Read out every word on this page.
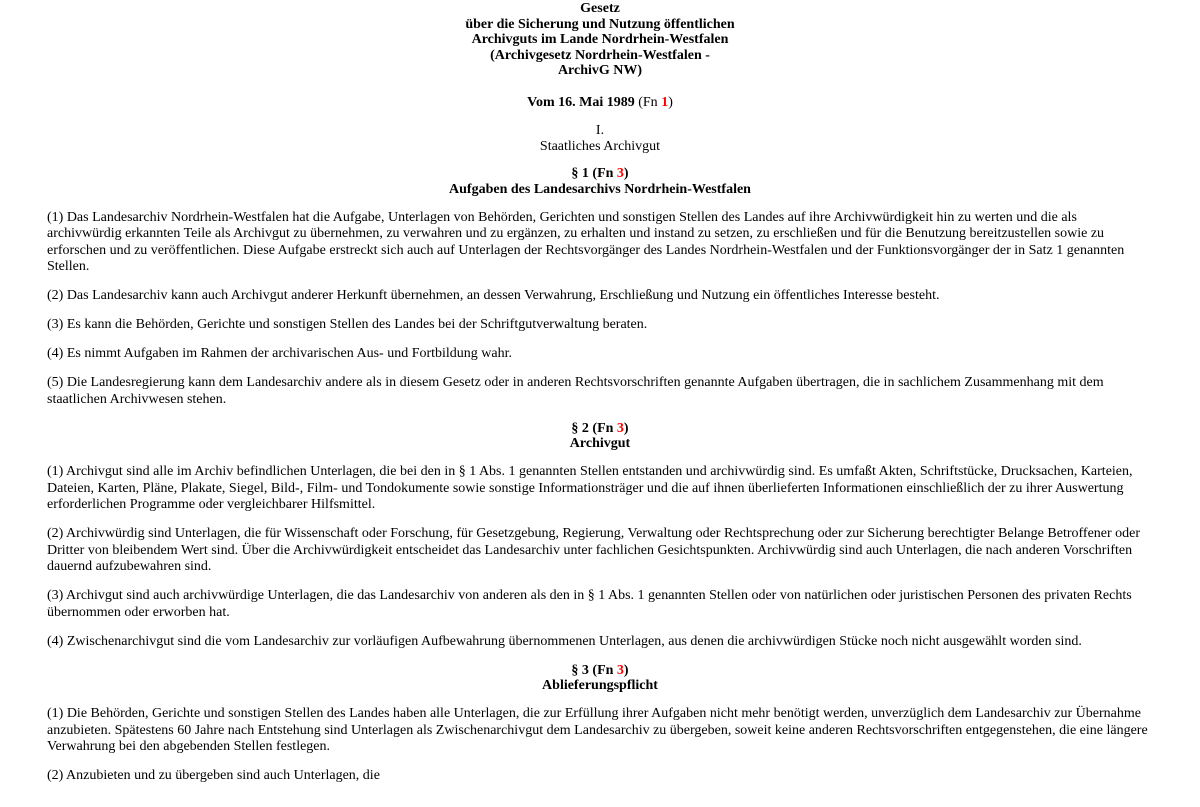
Gesetz
über die Sicherung und Nutzung öffentlichen
Archivguts im Lande Nordrhein-Westfalen
(Archivgesetz Nordrhein-Westfalen -
ArchivG NW)
Vom 16. Mai 1989 (Fn 1)
I.
Staatliches Archivgut
§ 1 (Fn 3)
Aufgaben des Landesarchivs Nordrhein-Westfalen

(1) Das Landesarchiv Nordrhein-Westfalen hat die Aufgabe, Unterlagen von Behörden, Gerichten und sonstigen Stellen des Landes auf ihre Archivwürdigkeit hin zu werten und die als archivwürdig erkannten Teile als Archivgut zu übernehmen, zu verwahren und zu ergänzen, zu erhalten und instand zu setzen, zu erschließen und für die Benutzung bereitzustellen sowie zu erforschen und zu veröffentlichen. Diese Aufgabe erstreckt sich auch auf Unterlagen der Rechtsvorgänger des Landes Nordrhein-Westfalen und der Funktionsvorgänger der in Satz 1 genannten Stellen.

(2) Das Landesarchiv kann auch Archivgut anderer Herkunft übernehmen, an dessen Verwahrung, Erschließung und Nutzung ein öffentliches Interesse besteht.

(3) Es kann die Behörden, Gerichte und sonstigen Stellen des Landes bei der Schriftgutverwaltung beraten.

(4) Es nimmt Aufgaben im Rahmen der archivarischen Aus- und Fortbildung wahr.

(5) Die Landesregierung kann dem Landesarchiv andere als in diesem Gesetz oder in anderen Rechtsvorschriften genannte Aufgaben übertragen, die in sachlichem Zusammenhang mit dem staatlichen Archivwesen stehen.

§ 2 (Fn 3)
Archivgut

(1) Archivgut sind alle im Archiv befindlichen Unterlagen, die bei den in § 1 Abs. 1 genannten Stellen entstanden und archivwürdig sind. Es umfaßt Akten, Schriftstücke, Drucksachen, Karteien, Dateien, Karten, Pläne, Plakate, Siegel, Bild-, Film- und Tondokumente sowie sonstige Informationsträger und die auf ihnen überlieferten Informationen einschließlich der zu ihrer Auswertung erforderlichen Programme oder vergleichbarer Hilfsmittel.

(2) Archivwürdig sind Unterlagen, die für Wissenschaft oder Forschung, für Gesetzgebung, Regierung, Verwaltung oder Rechtsprechung oder zur Sicherung berechtigter Belange Betroffener oder Dritter von bleibendem Wert sind. Über die Archivwürdigkeit entscheidet das Landesarchiv unter fachlichen Gesichtspunkten. Archivwürdig sind auch Unterlagen, die nach anderen Vorschriften dauernd aufzubewahren sind.

(3) Archivgut sind auch archivwürdige Unterlagen, die das Landesarchiv von anderen als den in § 1 Abs. 1 genannten Stellen oder von natürlichen oder juristischen Personen des privaten Rechts übernommen oder erworben hat.

(4) Zwischenarchivgut sind die vom Landesarchiv zur vorläufigen Aufbewahrung übernommenen Unterlagen, aus denen die archivwürdigen Stücke noch nicht ausgewählt worden sind.

§ 3 (Fn 3)
Ablieferungspflicht

(1) Die Behörden, Gerichte und sonstigen Stellen des Landes haben alle Unterlagen, die zur Erfüllung ihrer Aufgaben nicht mehr benötigt werden, unverzüglich dem Landesarchiv zur Übernahme anzubieten. Spätestens 60 Jahre nach Entstehung sind Unterlagen als Zwischenarchivgut dem Landesarchiv zu übergeben, soweit keine anderen Rechtsvorschriften entgegenstehen, die eine längere Verwahrung bei den abgebenden Stellen festlegen.

(2) Anzubieten und zu übergeben sind auch Unterlagen, die
